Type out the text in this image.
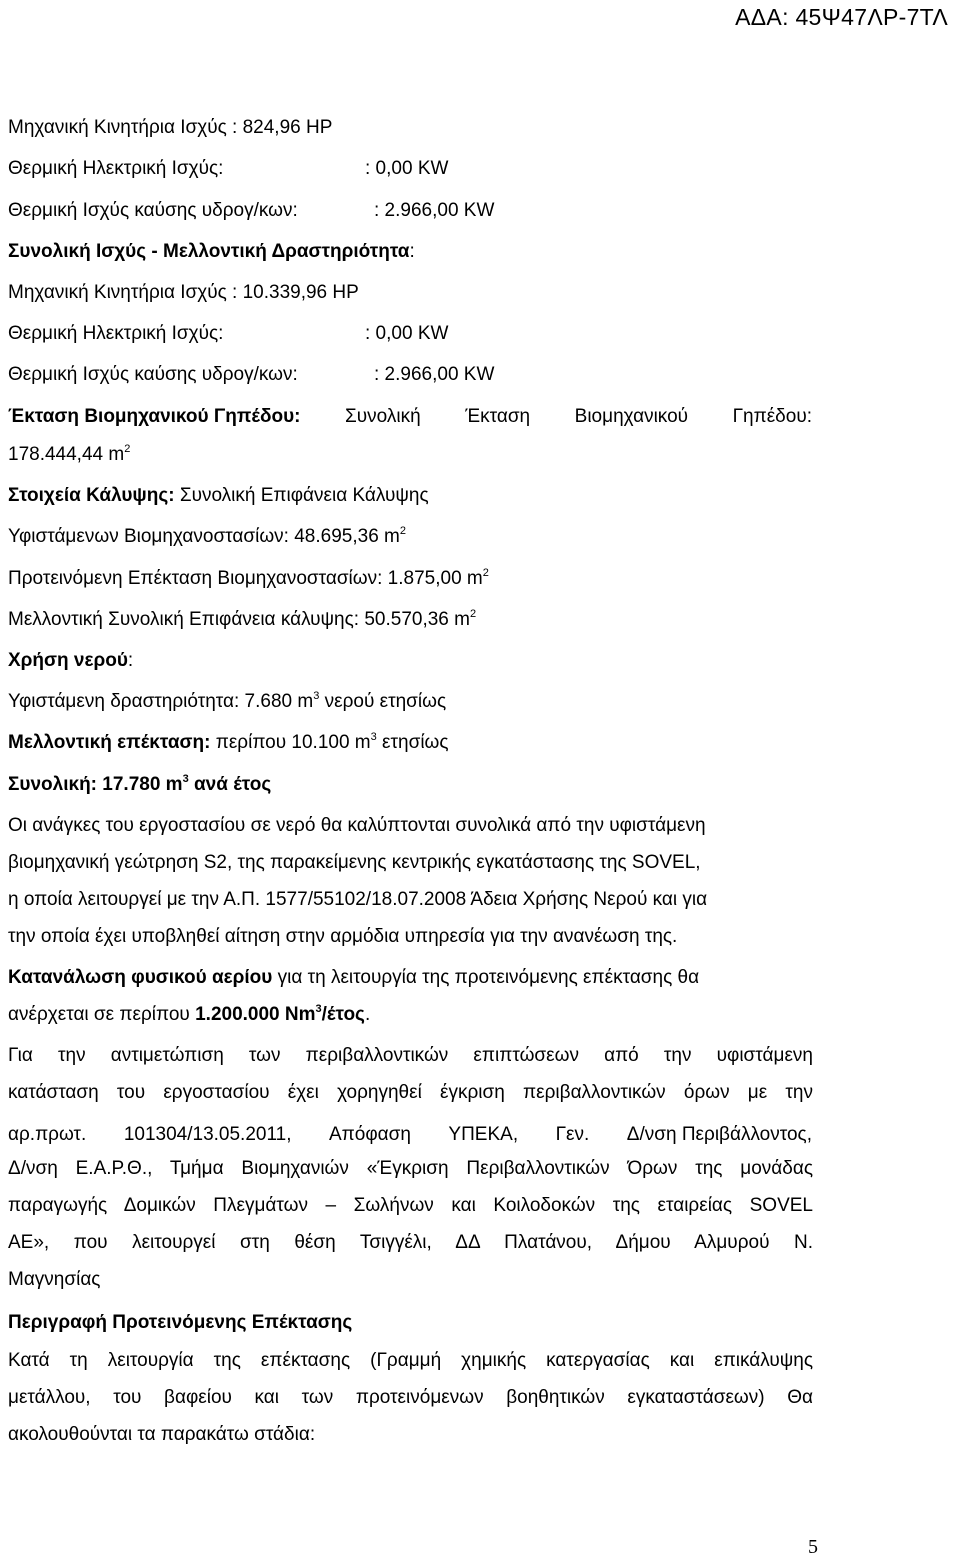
ΑΔΑ: 45Ψ47ΛΡ-7ΤΛ
Μηχανική Κινητήρια Ισχύς : 824,96 HP
Θερμική Ηλεκτρική Ισχύς:	: 0,00 KW
Θερμική Ισχύς καύσης υδρογ/κων:	: 2.966,00 KW
Συνολική Ισχύς - Μελλοντική Δραστηριότητα:
Μηχανική Κινητήρια Ισχύς : 10.339,96 HP
Θερμική Ηλεκτρική Ισχύς:	: 0,00 KW
Θερμική Ισχύς καύσης υδρογ/κων:	: 2.966,00 KW
Έκταση Βιομηχανικού Γηπέδου: Συνολική Έκταση Βιομηχανικού Γηπέδου:
178.444,44 $m^2$
Στοιχεία Κάλυψης: Συνολική Επιφάνεια Κάλυψης
Υφιστάμενων Βιομηχανοστασίων: 48.695,36 $m^2$
Προτεινόμενη Επέκταση Βιομηχανοστασίων: 1.875,00 $m^2$
Μελλοντική Συνολική Επιφάνεια κάλυψης: 50.570,36 $m^2$
Χρήση νερού:
Υφιστάμενη δραστηριότητα: 7.680 $m^3$ νερού ετησίως
Μελλοντική επέκταση: περίπου 10.100 $m^3$ ετησίως
Συνολική: 17.780 $m^3$ ανά έτος
Οι ανάγκες του εργοστασίου σε νερό θα καλύπτονται συνολικά από την υφιστάμενη
βιομηχανική γεώτρηση S2, της παρακείμενης κεντρικής εγκατάστασης της SOVEL,
η οποία λειτουργεί με την Α.Π. 1577/55102/18.07.2008 Άδεια Χρήσης Νερού και για
την οποία έχει υποβληθεί αίτηση στην αρμόδια υπηρεσία για την ανανέωση της.
Κατανάλωση φυσικού αερίου για τη λειτουργία της προτεινόμενης επέκτασης θα
ανέρχεται σε περίπου 1.200.000 Nm$^3$/έτος.
Για την αντιμετώπιση των περιβαλλοντικών επιπτώσεων από την υφιστάμενη
κατάσταση του εργοστασίου έχει χορηγηθεί έγκριση περιβαλλοντικών όρων με την
αρ.πρωτ. 101304/13.05.2011, Απόφαση ΥΠΕΚΑ, Γεν. Δ/νση Περιβάλλοντος,
Δ/νση Ε.Α.Ρ.Θ., Τμήμα Βιομηχανιών «Έγκριση Περιβαλλοντικών Όρων της μονάδας
παραγωγής Δομικών Πλεγμάτων – Σωλήνων και Κοιλοδοκών της εταιρείας SOVEL
ΑΕ», που λειτουργεί στη θέση Τσιγγέλι, ΔΔ Πλατάνου, Δήμου Αλμυρού Ν.
Μαγνησίας
Περιγραφή Προτεινόμενης Επέκτασης
Κατά τη λειτουργία της επέκτασης (Γραμμή χημικής κατεργασίας και επικάλυψης
μετάλλου, του βαφείου και των προτεινόμενων βοηθητικών εγκαταστάσεων) Θα
ακολουθούνται τα παρακάτω στάδια:
5
